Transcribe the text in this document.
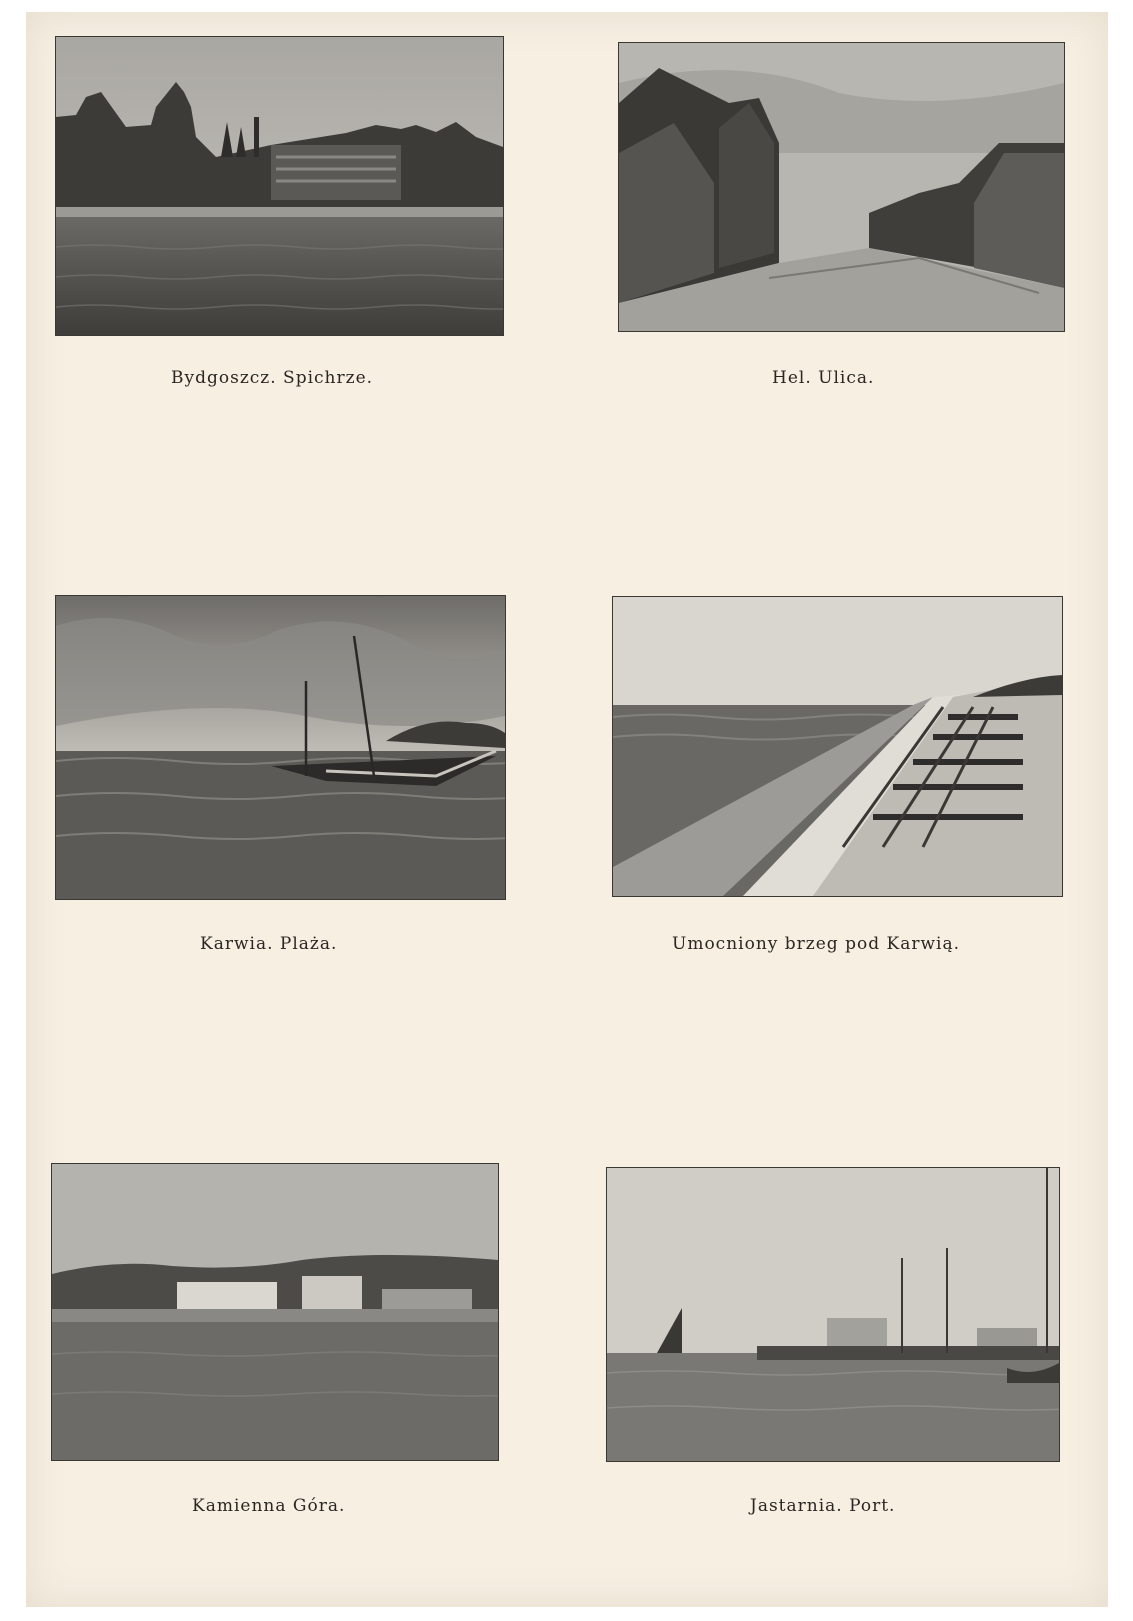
Bydgoszcz. Spichrze.	Hel. Ulica.
Karwia. Plaża.	Umocniony brzeg pod Karwią.
Kamienna Góra.	Jastarnia. Port.
